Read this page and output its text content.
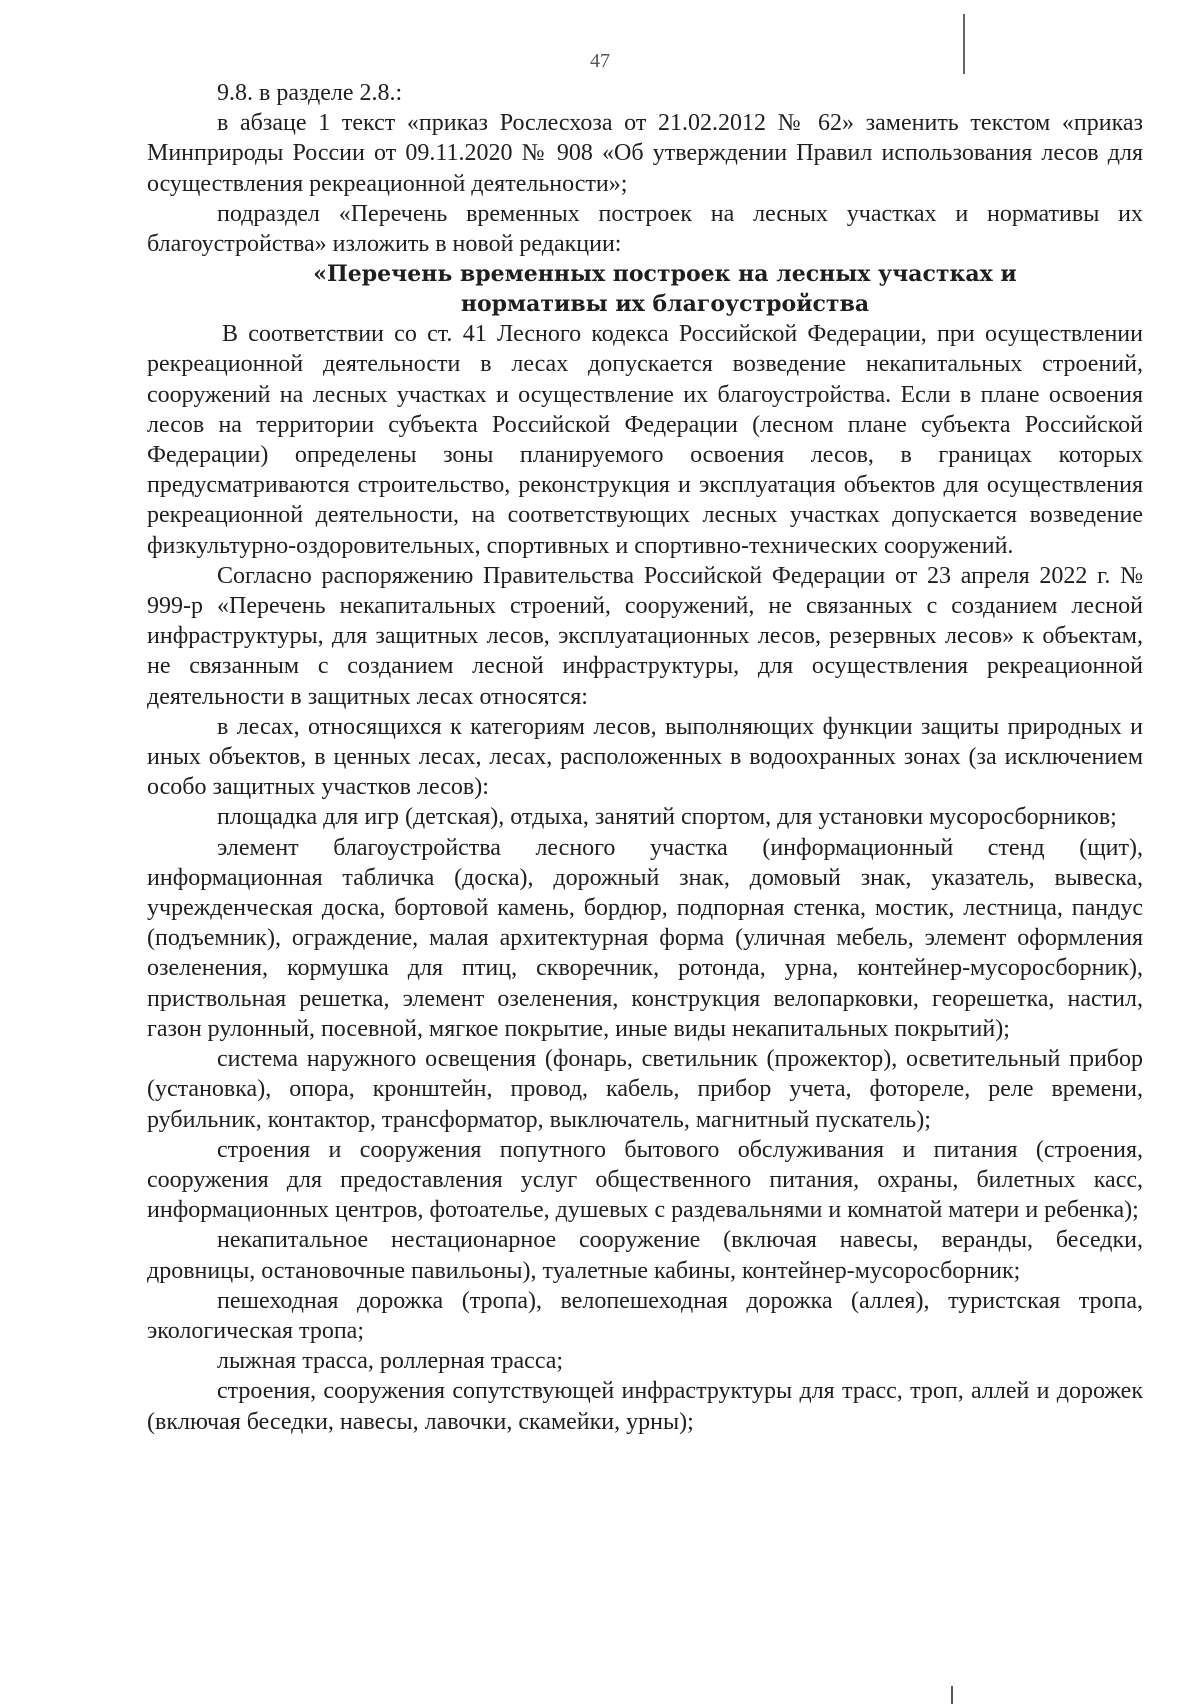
47

9.8. в разделе 2.8.:

в абзаце 1 текст «приказ Рослесхоза от 21.02.2012 № 62» заменить текстом «приказ Минприроды России от 09.11.2020 № 908 «Об утверждении Правил использования лесов для осуществления рекреационной деятельности»;

подраздел «Перечень временных построек на лесных участках и нормативы их благоустройства» изложить в новой редакции:

«Перечень временных построек на лесных участках и
нормативы их благоустройства

В соответствии со ст. 41 Лесного кодекса Российской Федерации, при осуществлении рекреационной деятельности в лесах допускается возведение некапитальных строений, сооружений на лесных участках и осуществление их благоустройства. Если в плане освоения лесов на территории субъекта Российской Федерации (лесном плане субъекта Российской Федерации) определены зоны планируемого освоения лесов, в границах которых предусматриваются строительство, реконструкция и эксплуатация объектов для осуществления рекреационной деятельности, на соответствующих лесных участках допускается возведение физкультурно-оздоровительных, спортивных и спортивно-технических сооружений.

Согласно распоряжению Правительства Российской Федерации от 23 апреля 2022 г. № 999-р «Перечень некапитальных строений, сооружений, не связанных с созданием лесной инфраструктуры, для защитных лесов, эксплуатационных лесов, резервных лесов» к объектам, не связанным с созданием лесной инфраструктуры, для осуществления рекреационной деятельности в защитных лесах относятся:

в лесах, относящихся к категориям лесов, выполняющих функции защиты природных и иных объектов, в ценных лесах, лесах, расположенных в водоохранных зонах (за исключением особо защитных участков лесов):

площадка для игр (детская), отдыха, занятий спортом, для установки мусоросборников;

элемент благоустройства лесного участка (информационный стенд (щит), информационная табличка (доска), дорожный знак, домовый знак, указатель, вывеска, учрежденческая доска, бортовой камень, бордюр, подпорная стенка, мостик, лестница, пандус (подъемник), ограждение, малая архитектурная форма (уличная мебель, элемент оформления озеленения, кормушка для птиц, скворечник, ротонда, урна, контейнер-мусоросборник), приствольная решетка, элемент озеленения, конструкция велопарковки, георешетка, настил, газон рулонный, посевной, мягкое покрытие, иные виды некапитальных покрытий);

система наружного освещения (фонарь, светильник (прожектор), осветительный прибор (установка), опора, кронштейн, провод, кабель, прибор учета, фотореле, реле времени, рубильник, контактор, трансформатор, выключатель, магнитный пускатель);

строения и сооружения попутного бытового обслуживания и питания (строения, сооружения для предоставления услуг общественного питания, охраны, билетных касс, информационных центров, фотоателье, душевых с раздевальнями и комнатой матери и ребенка);

некапитальное нестационарное сооружение (включая навесы, веранды, беседки, дровницы, остановочные павильоны), туалетные кабины, контейнер-мусоросборник;

пешеходная дорожка (тропа), велопешеходная дорожка (аллея), туристская тропа, экологическая тропа;

лыжная трасса, роллерная трасса;

строения, сооружения сопутствующей инфраструктуры для трасс, троп, аллей и дорожек (включая беседки, навесы, лавочки, скамейки, урны);
